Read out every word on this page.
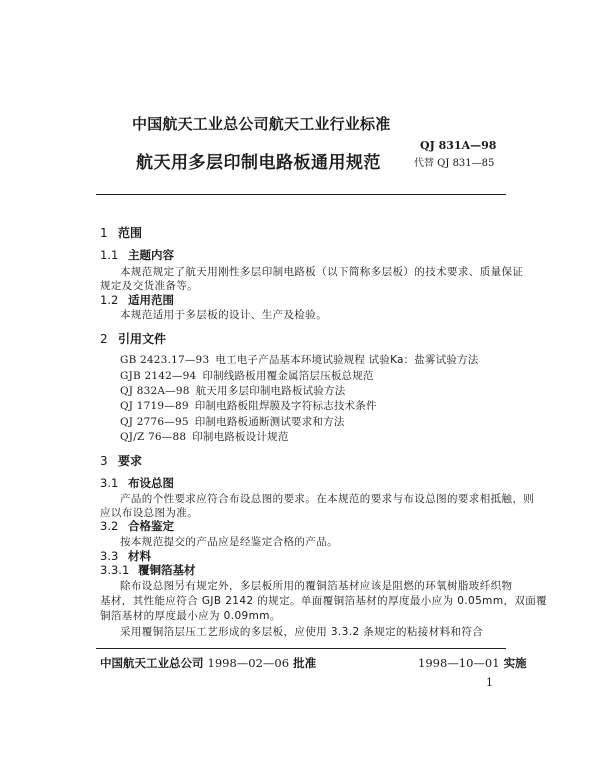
中国航天工业总公司航天工业行业标准
航天用多层印制电路板通用规范
QJ 831A—98
代替 QJ 831—85
1 范围
1.1 主题内容
本规范规定了航天用刚性多层印制电路板（以下简称多层板）的技术要求、质量保证
规定及交货准备等。
1.2 适用范围
本规范适用于多层板的设计、生产及检验。
2 引用文件
GB 2423.17—93 电工电子产品基本环境试验规程 试验Ka：盐雾试验方法
GJB 2142—94 印制线路板用覆金属箔层压板总规范
QJ 832A—98 航天用多层印制电路板试验方法
QJ 1719—89 印制电路板阻焊膜及字符标志技术条件
QJ 2776—95 印制电路板通断测试要求和方法
QJ/Z 76—88 印制电路板设计规范
3 要求
3.1 布设总图
产品的个性要求应符合布设总图的要求。在本规范的要求与布设总图的要求相抵触，则
应以布设总图为准。
3.2 合格鉴定
按本规范提交的产品应是经鉴定合格的产品。
3.3 材料
3.3.1 覆铜箔基材
除布设总图另有规定外，多层板所用的覆铜箔基材应该是阻燃的环氧树脂玻纤织物
基材，其性能应符合 GJB 2142 的规定。单面覆铜箔基材的厚度最小应为 0.05mm，双面覆
铜箔基材的厚度最小应为 0.09mm。
采用覆铜箔层压工艺形成的多层板，应使用 3.3.2 条规定的粘接材料和符合
中国航天工业总公司 1998—02—06 批准	1998—10—01 实施
1
